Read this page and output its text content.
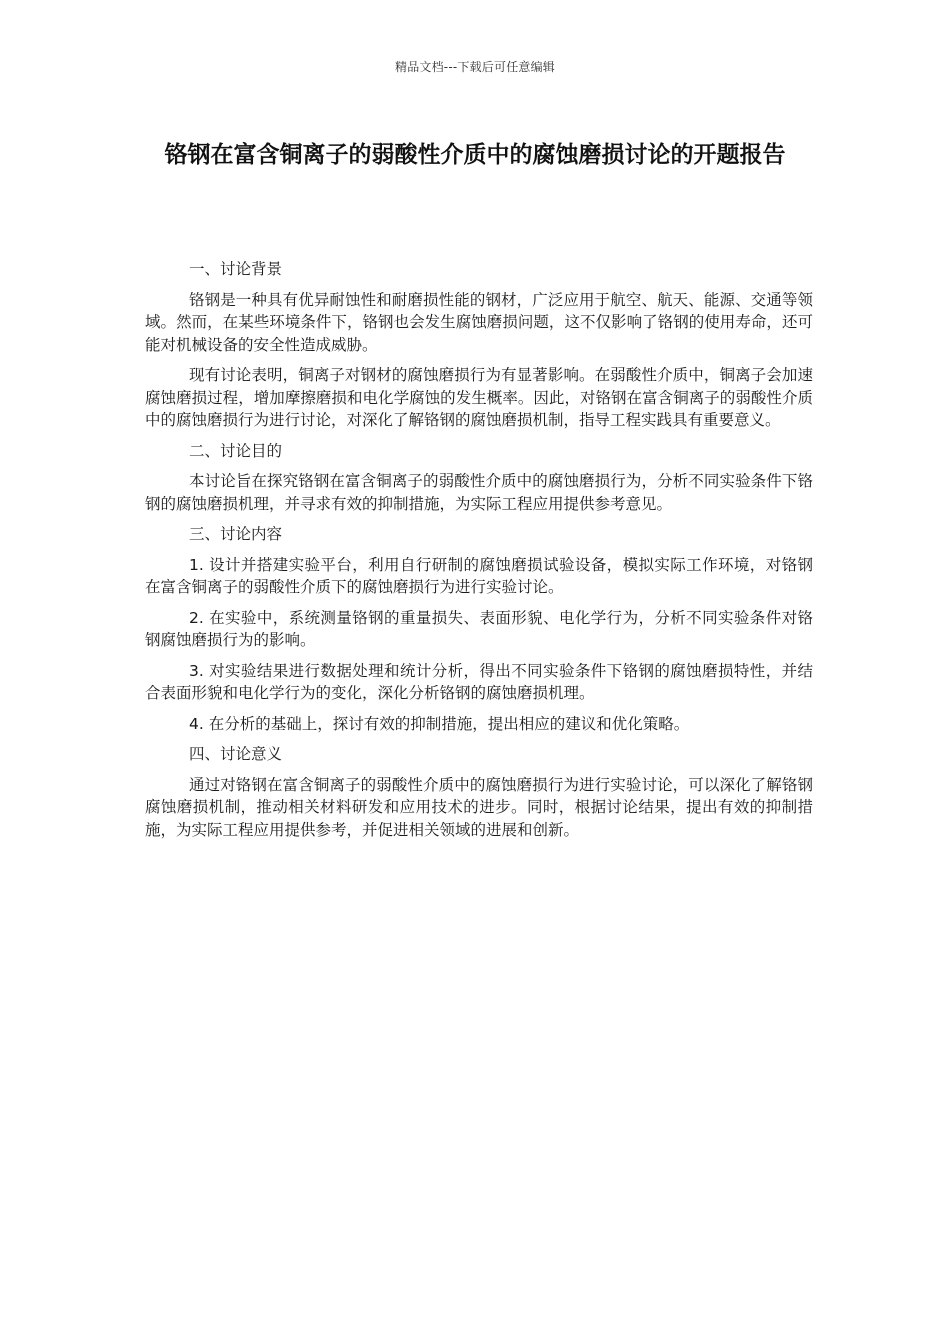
精品文档---下载后可任意编辑
铬钢在富含铜离子的弱酸性介质中的腐蚀磨损讨论的开题报告

一、讨论背景

铬钢是一种具有优异耐蚀性和耐磨损性能的钢材，广泛应用于航空、航天、能源、交通等领域。然而，在某些环境条件下，铬钢也会发生腐蚀磨损问题，这不仅影响了铬钢的使用寿命，还可能对机械设备的安全性造成威胁。

现有讨论表明，铜离子对钢材的腐蚀磨损行为有显著影响。在弱酸性介质中，铜离子会加速腐蚀磨损过程，增加摩擦磨损和电化学腐蚀的发生概率。因此，对铬钢在富含铜离子的弱酸性介质中的腐蚀磨损行为进行讨论，对深化了解铬钢的腐蚀磨损机制，指导工程实践具有重要意义。

二、讨论目的

本讨论旨在探究铬钢在富含铜离子的弱酸性介质中的腐蚀磨损行为，分析不同实验条件下铬钢的腐蚀磨损机理，并寻求有效的抑制措施，为实际工程应用提供参考意见。

三、讨论内容

1. 设计并搭建实验平台，利用自行研制的腐蚀磨损试验设备，模拟实际工作环境，对铬钢在富含铜离子的弱酸性介质下的腐蚀磨损行为进行实验讨论。

2. 在实验中，系统测量铬钢的重量损失、表面形貌、电化学行为，分析不同实验条件对铬钢腐蚀磨损行为的影响。

3. 对实验结果进行数据处理和统计分析，得出不同实验条件下铬钢的腐蚀磨损特性，并结合表面形貌和电化学行为的变化，深化分析铬钢的腐蚀磨损机理。

4. 在分析的基础上，探讨有效的抑制措施，提出相应的建议和优化策略。

四、讨论意义

通过对铬钢在富含铜离子的弱酸性介质中的腐蚀磨损行为进行实验讨论，可以深化了解铬钢腐蚀磨损机制，推动相关材料研发和应用技术的进步。同时，根据讨论结果，提出有效的抑制措施，为实际工程应用提供参考，并促进相关领域的进展和创新。
